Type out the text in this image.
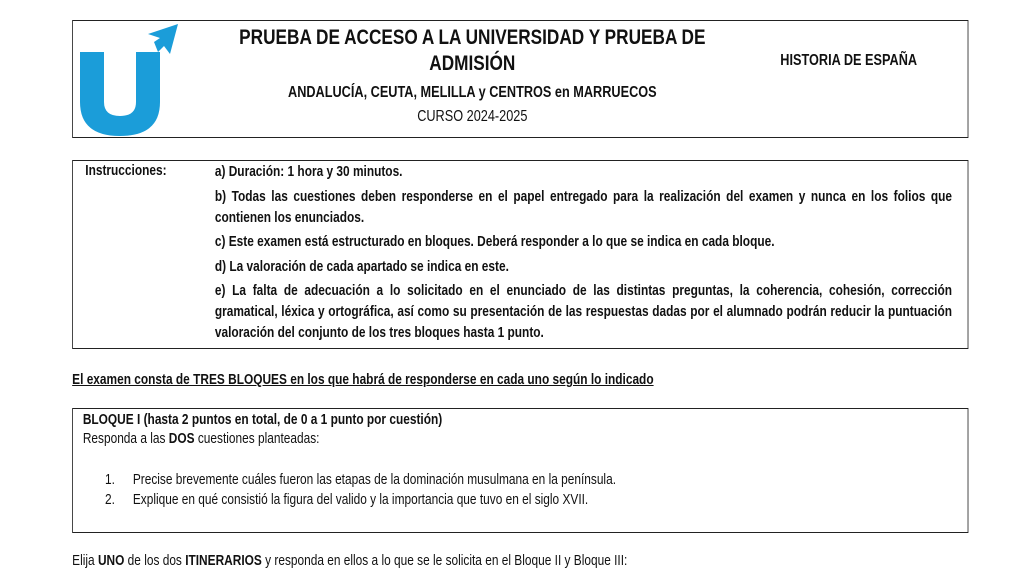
PRUEBA DE ACCESO A LA UNIVERSIDAD Y PRUEBA DE
ADMISIÓN
ANDALUCÍA, CEUTA, MELILLA y CENTROS en MARRUECOS
CURSO 2024-2025
HISTORIA DE ESPAÑA
Instrucciones:	a) Duración: 1 hora y 30 minutos.
b) Todas las cuestiones deben responderse en el papel entregado para la realización del examen y nunca en los folios que contienen los enunciados.
c) Este examen está estructurado en bloques. Deberá responder a lo que se indica en cada bloque.
d) La valoración de cada apartado se indica en este.
e) La falta de adecuación a lo solicitado en el enunciado de las distintas preguntas, la coherencia, cohesión, corrección gramatical, léxica y ortográfica, así como su presentación de las respuestas dadas por el alumnado podrán reducir la puntuación valoración del conjunto de los tres bloques hasta 1 punto.
El examen consta de TRES BLOQUES en los que habrá de responderse en cada uno según lo indicado
BLOQUE I (hasta 2 puntos en total, de 0 a 1 punto por cuestión)
Responda a las DOS cuestiones planteadas:
1. Precise brevemente cuáles fueron las etapas de la dominación musulmana en la península.
2. Explique en qué consistió la figura del valido y la importancia que tuvo en el siglo XVII.
Elija UNO de los dos ITINERARIOS y responda en ellos a lo que se le solicita en el Bloque II y Bloque III:
